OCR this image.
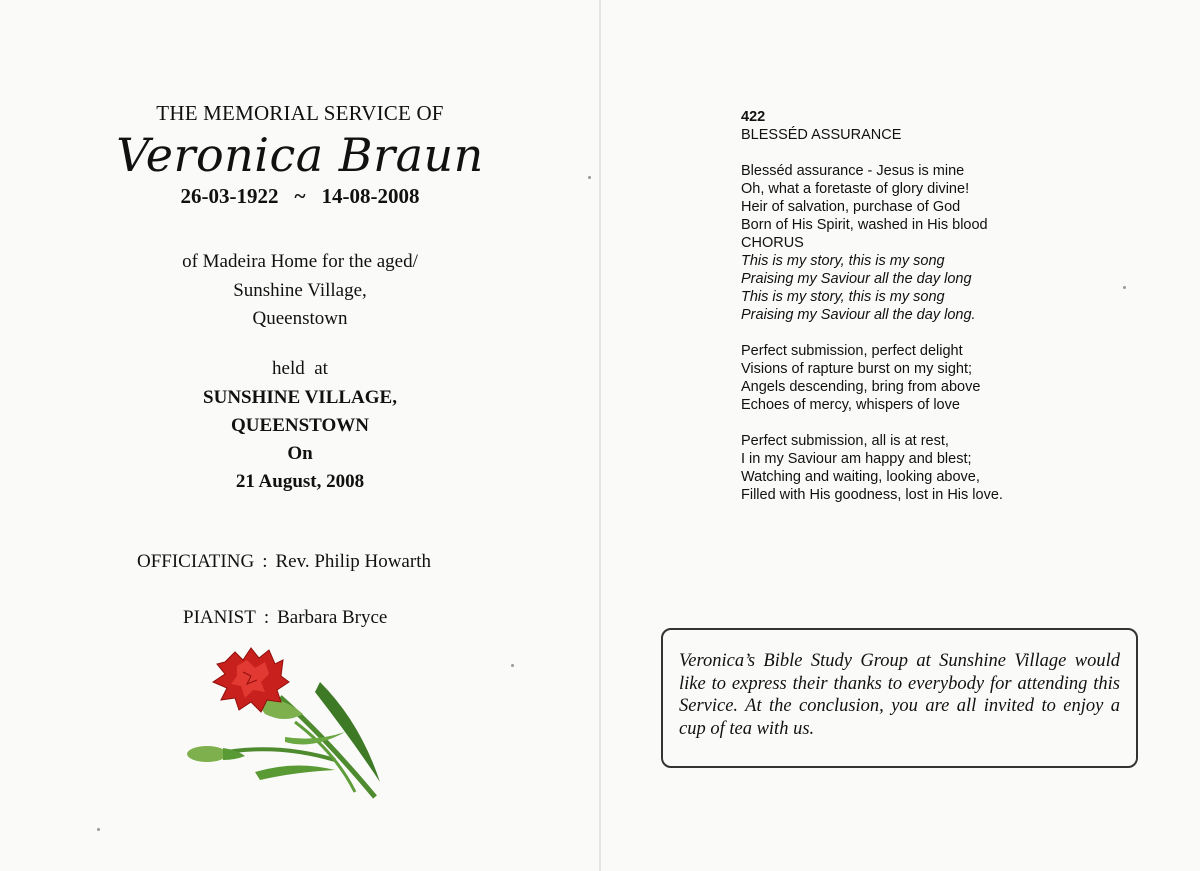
THE MEMORIAL SERVICE OF
Veronica Braun
26-03-1922 ~ 14-08-2008
of Madeira Home for the aged/
Sunshine Village,
Queenstown
held  at
SUNSHINE VILLAGE,
QUEENSTOWN
On
21 August, 2008
OFFICIATING : Rev. Philip Howarth
PIANIST : Barbara Bryce
422
BLESSÉD ASSURANCE
Blesséd assurance - Jesus is mine
Oh, what a foretaste of glory divine!
Heir of salvation, purchase of God
Born of His Spirit, washed in His blood
CHORUS
This is my story, this is my song
Praising my Saviour all the day long
This is my story, this is my song
Praising my Saviour all the day long.
Perfect submission, perfect delight
Visions of rapture burst on my sight;
Angels descending, bring from above
Echoes of mercy, whispers of love
Perfect submission, all is at rest,
I in my Saviour am happy and blest;
Watching and waiting, looking above,
Filled with His goodness, lost in His love.
Veronica’s Bible Study Group at Sunshine Village would like to express their thanks to everybody for attending this Service. At the conclusion, you are all invited to enjoy a cup of tea with us.
